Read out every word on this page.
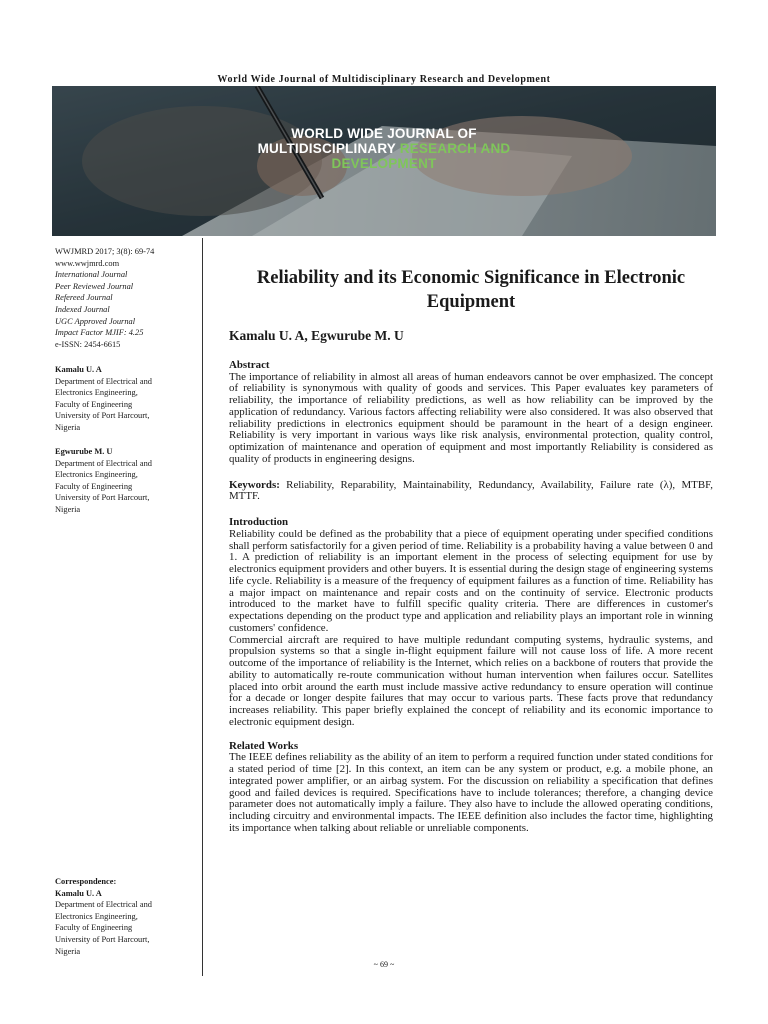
World Wide Journal of Multidisciplinary Research and Development
WORLD WIDE JOURNAL OF
MULTIDISCIPLINARY RESEARCH AND
DEVELOPMENT
WWJMRD 2017; 3(8): 69-74
www.wwjmrd.com
International Journal
Peer Reviewed Journal
Refereed Journal
Indexed Journal
UGC Approved Journal
Impact Factor MJIF: 4.25
e-ISSN: 2454-6615
Kamalu U. A
Department of Electrical and
Electronics Engineering,
Faculty of Engineering
University of Port Harcourt,
Nigeria
Egwurube M. U
Department of Electrical and
Electronics Engineering,
Faculty of Engineering
University of Port Harcourt,
Nigeria
Correspondence:
Kamalu U. A
Department of Electrical and
Electronics Engineering,
Faculty of Engineering
University of Port Harcourt,
Nigeria
Reliability and its Economic Significance in Electronic Equipment
Kamalu U. A, Egwurube M. U
Abstract

The importance of reliability in almost all areas of human endeavors cannot be over emphasized. The concept of reliability is synonymous with quality of goods and services. This Paper evaluates key parameters of reliability, the importance of reliability predictions, as well as how reliability can be improved by the application of redundancy. Various factors affecting reliability were also considered. It was also observed that reliability predictions in electronics equipment should be paramount in the heart of a design engineer. Reliability is very important in various ways like risk analysis, environmental protection, quality control, optimization of maintenance and operation of equipment and most importantly Reliability is considered as quality of products in engineering designs.

Keywords: Reliability, Reparability, Maintainability, Redundancy, Availability, Failure rate (λ), MTBF, MTTF.

Introduction

Reliability could be defined as the probability that a piece of equipment operating under specified conditions shall perform satisfactorily for a given period of time. Reliability is a probability having a value between 0 and 1. A prediction of reliability is an important element in the process of selecting equipment for use by electronics equipment providers and other buyers. It is essential during the design stage of engineering systems life cycle. Reliability is a measure of the frequency of equipment failures as a function of time. Reliability has a major impact on maintenance and repair costs and on the continuity of service. Electronic products introduced to the market have to fulfill specific quality criteria. There are differences in customer's expectations depending on the product type and application and reliability plays an important role in winning customers' confidence.

Commercial aircraft are required to have multiple redundant computing systems, hydraulic systems, and propulsion systems so that a single in-flight equipment failure will not cause loss of life. A more recent outcome of the importance of reliability is the Internet, which relies on a backbone of routers that provide the ability to automatically re-route communication without human intervention when failures occur. Satellites placed into orbit around the earth must include massive active redundancy to ensure operation will continue for a decade or longer despite failures that may occur to various parts. These facts prove that redundancy increases reliability. This paper briefly explained the concept of reliability and its economic importance to electronic equipment design.

Related Works

The IEEE defines reliability as the ability of an item to perform a required function under stated conditions for a stated period of time [2]. In this context, an item can be any system or product, e.g. a mobile phone, an integrated power amplifier, or an airbag system. For the discussion on reliability a specification that defines good and failed devices is required. Specifications have to include tolerances; therefore, a changing device parameter does not automatically imply a failure. They also have to include the allowed operating conditions, including circuitry and environmental impacts. The IEEE definition also includes the factor time, highlighting its importance when talking about reliable or unreliable components.

~ 69 ~
